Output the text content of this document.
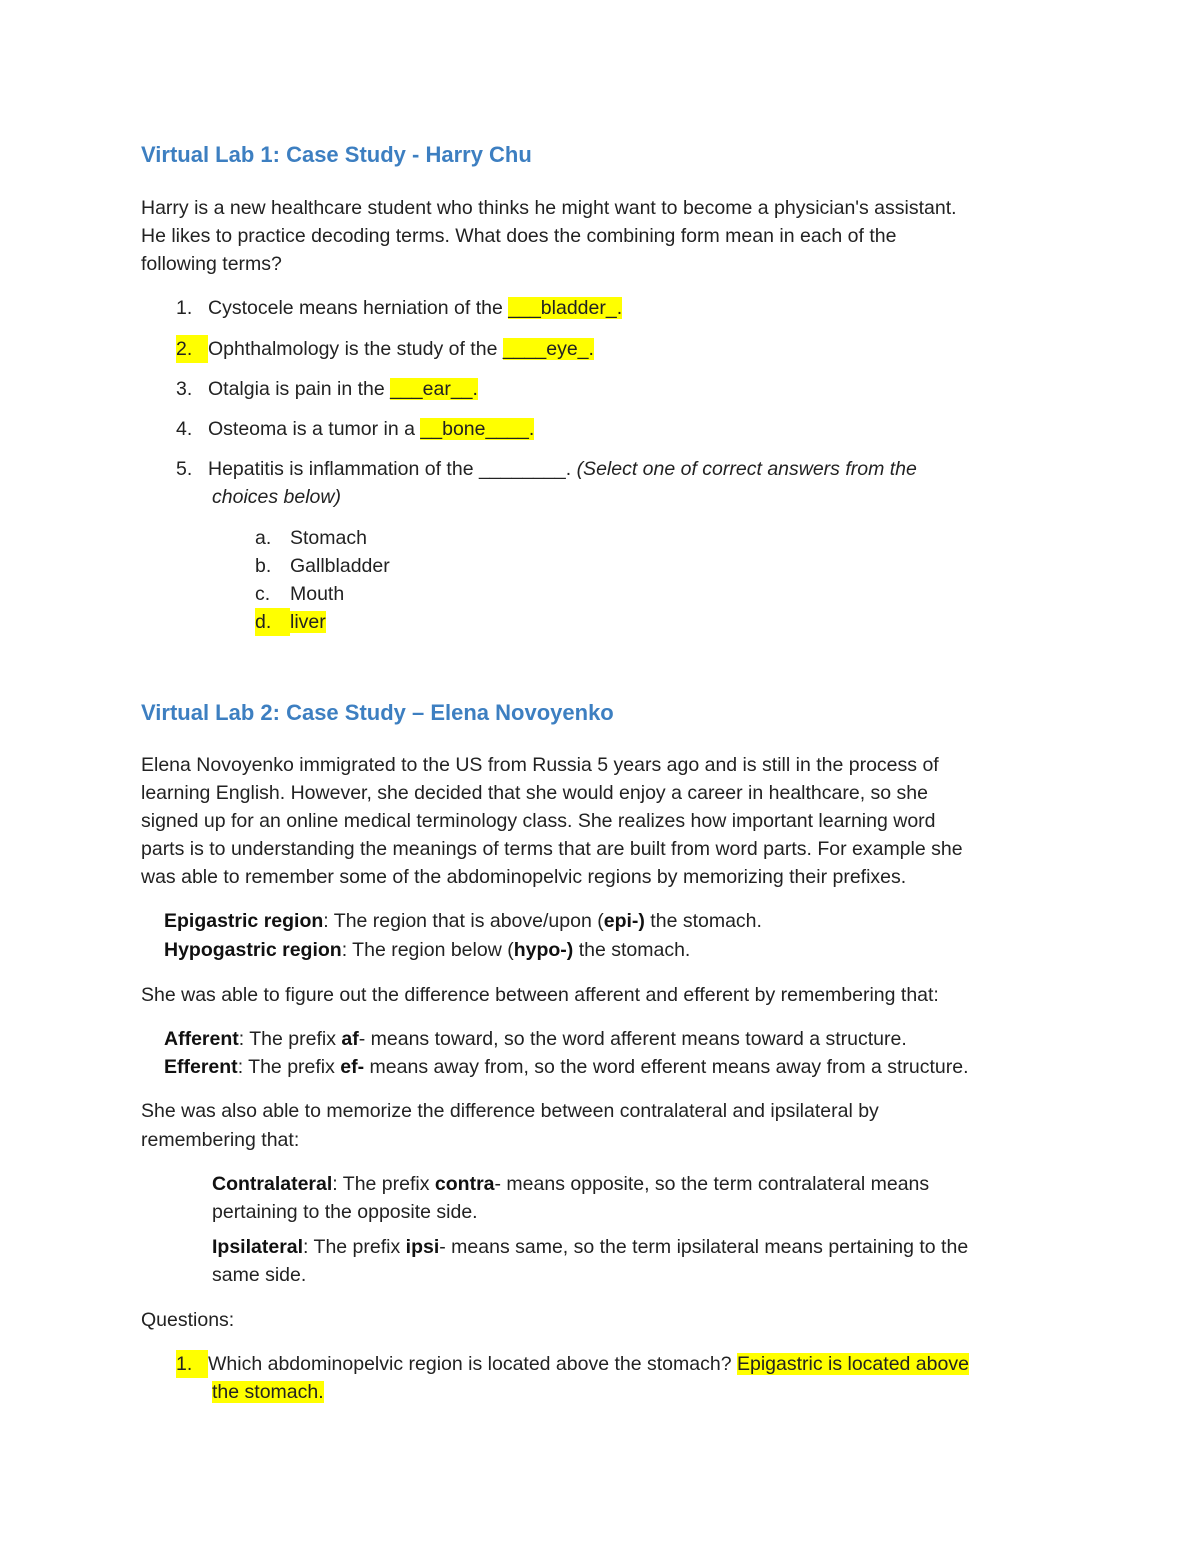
Virtual Lab 1: Case Study - Harry Chu
Harry is a new healthcare student who thinks he might want to become a physician's assistant.
He likes to practice decoding terms. What does the combining form mean in each of the
following terms?
1. Cystocele means herniation of the ___bladder_.
2. Ophthalmology is the study of the ____eye_.
3. Otalgia is pain in the ___ear__.
4. Osteoma is a tumor in a __bone____.
5. Hepatitis is inflammation of the ________. (Select one of correct answers from the
choices below)
a. Stomach
b. Gallbladder
c. Mouth
d. liver
Virtual Lab 2: Case Study – Elena Novoyenko
Elena Novoyenko immigrated to the US from Russia 5 years ago and is still in the process of
learning English. However, she decided that she would enjoy a career in healthcare, so she
signed up for an online medical terminology class. She realizes how important learning word
parts is to understanding the meanings of terms that are built from word parts. For example she
was able to remember some of the abdominopelvic regions by memorizing their prefixes.
Epigastric region: The region that is above/upon (epi-) the stomach.
Hypogastric region: The region below (hypo-) the stomach.
She was able to figure out the difference between afferent and efferent by remembering that:
Afferent: The prefix af- means toward, so the word afferent means toward a structure.
Efferent: The prefix ef- means away from, so the word efferent means away from a structure.
She was also able to memorize the difference between contralateral and ipsilateral by
remembering that:
Contralateral: The prefix contra- means opposite, so the term contralateral means
pertaining to the opposite side.
Ipsilateral: The prefix ipsi- means same, so the term ipsilateral means pertaining to the
same side.
Questions:
1. Which abdominopelvic region is located above the stomach? Epigastric is located above
the stomach.
